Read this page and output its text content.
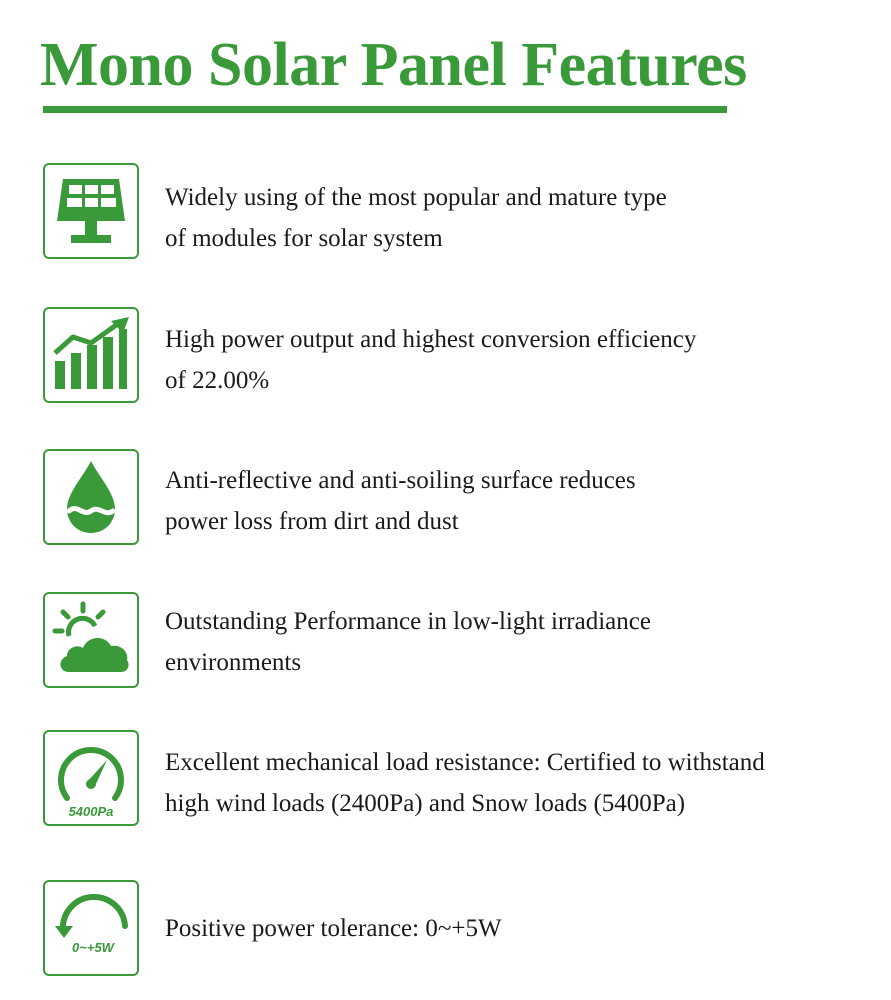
Mono Solar Panel Features
Widely using of the most popular and mature type
of modules for solar system
High power output and highest conversion efficiency
of 22.00%
Anti-reflective and anti-soiling surface reduces
power loss from dirt and dust
Outstanding Performance in low-light irradiance
environments
5400Pa
Excellent mechanical load resistance: Certified to withstand
high wind loads (2400Pa) and Snow loads (5400Pa)
0~+5W
Positive power tolerance: 0~+5W
